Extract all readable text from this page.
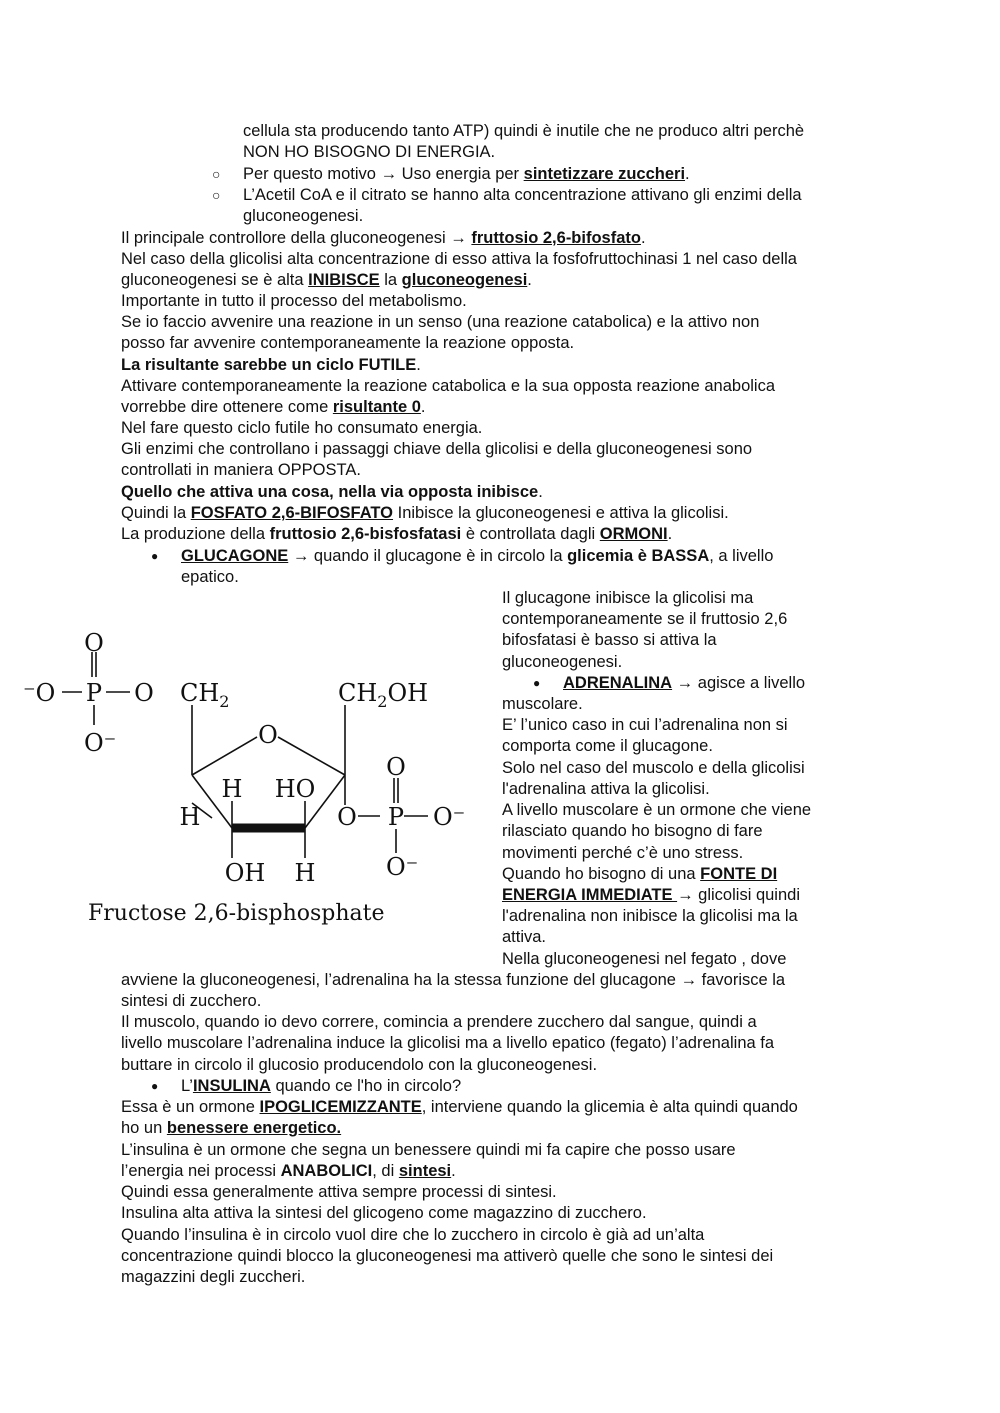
cellula sta producendo tanto ATP) quindi è inutile che ne produco altri perchè
NON HO BISOGNO DI ENERGIA.
○ Per questo motivo → Uso energia per sintetizzare zuccheri.
○ L’Acetil CoA e il citrato se hanno alta concentrazione attivano gli enzimi della
gluconeogenesi.
Il principale controllore della gluconeogenesi → fruttosio 2,6-bifosfato.
Nel caso della glicolisi alta concentrazione di esso attiva la fosfofruttochinasi 1 nel caso della
gluconeogenesi se è alta INIBISCE la gluconeogenesi.
Importante in tutto il processo del metabolismo.
Se io faccio avvenire una reazione in un senso (una reazione catabolica) e la attivo non
posso far avvenire contemporaneamente la reazione opposta.
La risultante sarebbe un ciclo FUTILE.
Attivare contemporaneamente la reazione catabolica e la sua opposta reazione anabolica
vorrebbe dire ottenere come risultante 0.
Nel fare questo ciclo futile ho consumato energia.
Gli enzimi che controllano i passaggi chiave della glicolisi e della gluconeogenesi sono
controllati in maniera OPPOSTA.
Quello che attiva una cosa, nella via opposta inibisce.
Quindi la FOSFATO 2,6-BIFOSFATO Inibisce la gluconeogenesi e attiva la glicolisi.
La produzione della fruttosio 2,6-bisfosfatasi è controllata dagli ORMONI.
● GLUCAGONE → quando il glucagone è in circolo la glicemia è BASSA, a livello
epatico.
Il glucagone inibisce la glicolisi ma
contemporaneamente se il fruttosio 2,6
bifosfatasi è basso si attiva la
gluconeogenesi.
● ADRENALINA → agisce a livello
muscolare.
E’ l’unico caso in cui l’adrenalina non si
comporta come il glucagone.
Solo nel caso del muscolo e della glicolisi
l'adrenalina attiva la glicolisi.
A livello muscolare è un ormone che viene
rilasciato quando ho bisogno di fare
movimenti perché c’è uno stress.
Quando ho bisogno di una FONTE DI
ENERGIA IMMEDIATE → glicolisi quindi
l'adrenalina non inibisce la glicolisi ma la
attiva.
Nella gluconeogenesi nel fegato , dove
O
⁻O P O
O⁻
$CH_2$	$CH_2OH$
O
H HO
H
OH H
O
O P O⁻
O⁻
Fructose 2,6-bisphosphate
avviene la gluconeogenesi, l’adrenalina ha la stessa funzione del glucagone → favorisce la
sintesi di zucchero.
Il muscolo, quando io devo correre, comincia a prendere zucchero dal sangue, quindi a
livello muscolare l’adrenalina induce la glicolisi ma a livello epatico (fegato) l’adrenalina fa
buttare in circolo il glucosio producendolo con la gluconeogenesi.
● L’INSULINA quando ce l'ho in circolo?
Essa è un ormone IPOGLICEMIZZANTE, interviene quando la glicemia è alta quindi quando
ho un benessere energetico.
L’insulina è un ormone che segna un benessere quindi mi fa capire che posso usare
l’energia nei processi ANABOLICI, di sintesi.
Quindi essa generalmente attiva sempre processi di sintesi.
Insulina alta attiva la sintesi del glicogeno come magazzino di zucchero.
Quando l’insulina è in circolo vuol dire che lo zucchero in circolo è già ad un’alta
concentrazione quindi blocco la gluconeogenesi ma attiverò quelle che sono le sintesi dei
magazzini degli zuccheri.
